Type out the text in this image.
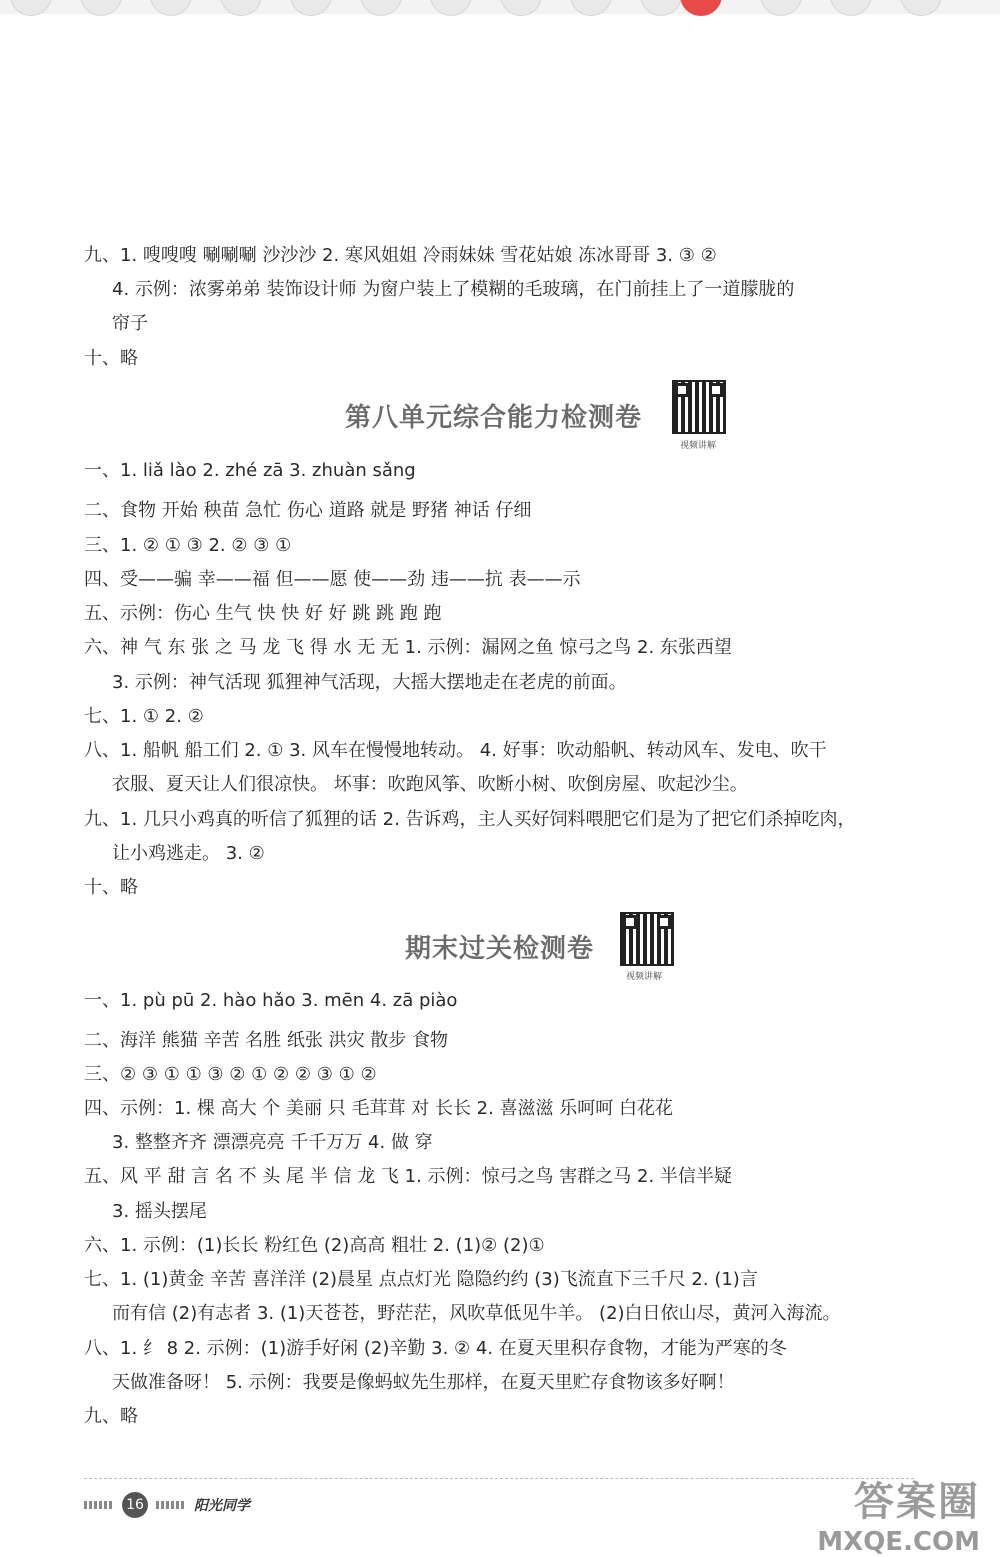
九、1. 嗖嗖嗖 唰唰唰 沙沙沙 2. 寒风姐姐 冷雨妹妹 雪花姑娘 冻冰哥哥 3. ③ ②
4. 示例：浓雾弟弟 装饰设计师 为窗户装上了模糊的毛玻璃，在门前挂上了一道朦胧的
帘子
十、略
第八单元综合能力检测卷
视频讲解
一、1. liǎ lào 2. zhé zā 3. zhuàn sǎng
二、食物 开始 秧苗 急忙 伤心 道路 就是 野猪 神话 仔细
三、1. ② ① ③ 2. ② ③ ①
四、受——骗 幸——福 但——愿 使——劲 违——抗 表——示
五、示例：伤心 生气 快 快 好 好 跳 跳 跑 跑
六、神 气 东 张 之 马 龙 飞 得 水 无 无 1. 示例：漏网之鱼 惊弓之鸟 2. 东张西望
3. 示例：神气活现 狐狸神气活现，大摇大摆地走在老虎的前面。
七、1. ① 2. ②
八、1. 船帆 船工们 2. ① 3. 风车在慢慢地转动。 4. 好事：吹动船帆、转动风车、发电、吹干
衣服、夏天让人们很凉快。 坏事：吹跑风筝、吹断小树、吹倒房屋、吹起沙尘。
九、1. 几只小鸡真的听信了狐狸的话 2. 告诉鸡，主人买好饲料喂肥它们是为了把它们杀掉吃肉，
让小鸡逃走。 3. ②
十、略
期末过关检测卷
视频讲解
一、1. pù pū 2. hào hǎo 3. mēn 4. zā piào
二、海洋 熊猫 辛苦 名胜 纸张 洪灾 散步 食物
三、② ③ ① ① ③ ② ① ② ② ③ ① ②
四、示例：1. 棵 高大 个 美丽 只 毛茸茸 对 长长 2. 喜滋滋 乐呵呵 白花花
3. 整整齐齐 漂漂亮亮 千千万万 4. 做 穿
五、风 平 甜 言 名 不 头 尾 半 信 龙 飞 1. 示例：惊弓之鸟 害群之马 2. 半信半疑
3. 摇头摆尾
六、1. 示例：(1)长长 粉红色 (2)高高 粗壮 2. (1)② (2)①
七、1. (1)黄金 辛苦 喜洋洋 (2)晨星 点点灯光 隐隐约约 (3)飞流直下三千尺 2. (1)言
而有信 (2)有志者 3. (1)天苍苍，野茫茫，风吹草低见牛羊。 (2)白日依山尽，黄河入海流。
八、1. 纟 8 2. 示例：(1)游手好闲 (2)辛勤 3. ② 4. 在夏天里积存食物，才能为严寒的冬
天做准备呀！ 5. 示例：我要是像蚂蚁先生那样，在夏天里贮存食物该多好啊！
九、略
16	阳光同学	答案圈
MXQE.COM
